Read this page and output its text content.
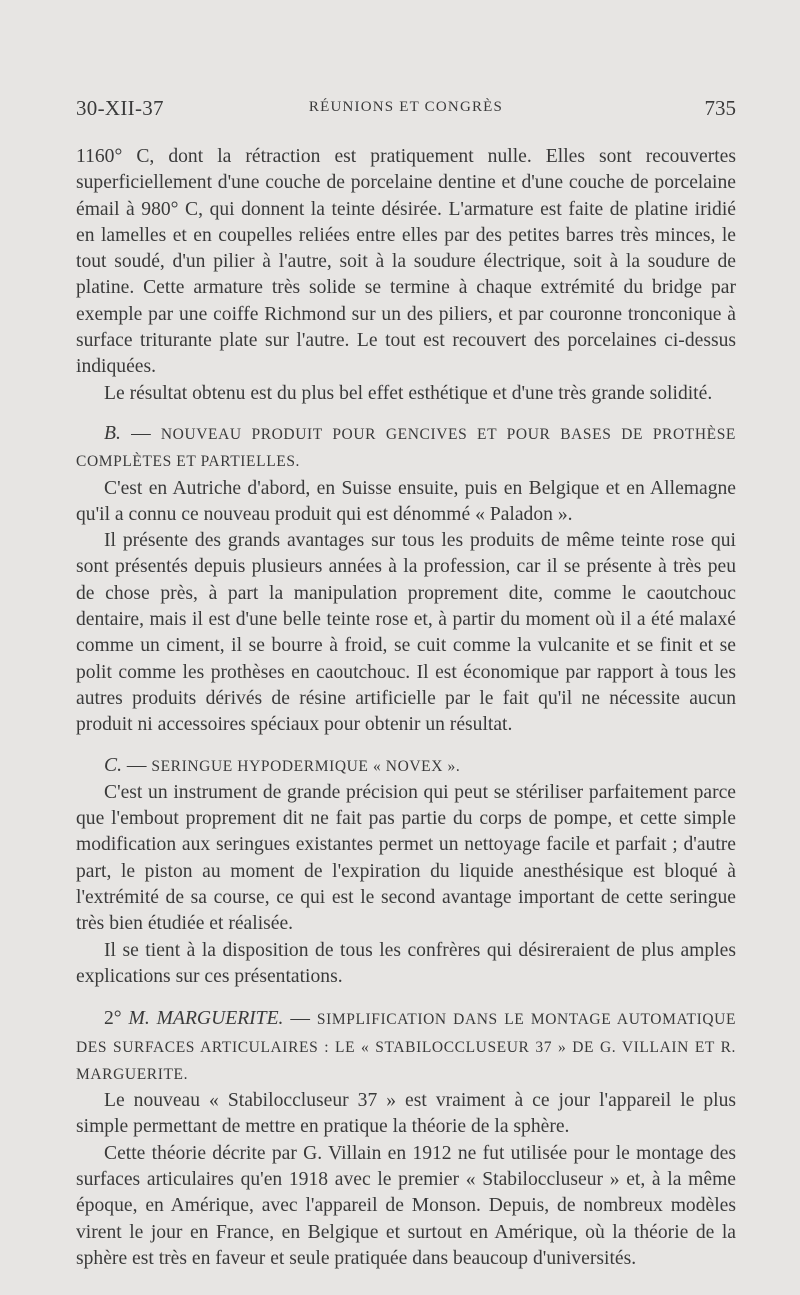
30-XII-37	RÉUNIONS ET CONGRÈS	735

1160° C, dont la rétraction est pratiquement nulle. Elles sont recouvertes superficiellement d'une couche de porcelaine dentine et d'une couche de porcelaine émail à 980° C, qui donnent la teinte désirée. L'armature est faite de platine iridié en lamelles et en coupelles reliées entre elles par des petites barres très minces, le tout soudé, d'un pilier à l'autre, soit à la soudure électrique, soit à la soudure de platine. Cette armature très solide se termine à chaque extrémité du bridge par exemple par une coiffe Richmond sur un des piliers, et par couronne tronconique à surface triturante plate sur l'autre. Le tout est recouvert des porcelaines ci-dessus indiquées.

Le résultat obtenu est du plus bel effet esthétique et d'une très grande solidité.

B. — NOUVEAU PRODUIT POUR GENCIVES ET POUR BASES DE PROTHÈSE COMPLÈTES ET PARTIELLES.

C'est en Autriche d'abord, en Suisse ensuite, puis en Belgique et en Allemagne qu'il a connu ce nouveau produit qui est dénommé « Paladon ».

Il présente des grands avantages sur tous les produits de même teinte rose qui sont présentés depuis plusieurs années à la profession, car il se présente à très peu de chose près, à part la manipulation proprement dite, comme le caoutchouc dentaire, mais il est d'une belle teinte rose et, à partir du moment où il a été malaxé comme un ciment, il se bourre à froid, se cuit comme la vulcanite et se finit et se polit comme les prothèses en caoutchouc. Il est économique par rapport à tous les autres produits dérivés de résine artificielle par le fait qu'il ne nécessite aucun produit ni accessoires spéciaux pour obtenir un résultat.

C. — SERINGUE HYPODERMIQUE « NOVEX ».

C'est un instrument de grande précision qui peut se stériliser parfaitement parce que l'embout proprement dit ne fait pas partie du corps de pompe, et cette simple modification aux seringues existantes permet un nettoyage facile et parfait ; d'autre part, le piston au moment de l'expiration du liquide anesthésique est bloqué à l'extrémité de sa course, ce qui est le second avantage important de cette seringue très bien étudiée et réalisée.

Il se tient à la disposition de tous les confrères qui désireraient de plus amples explications sur ces présentations.

2° M. MARGUERITE. — SIMPLIFICATION DANS LE MONTAGE AUTOMATIQUE DES SURFACES ARTICULAIRES : LE « STABILOCCLUSEUR 37 » DE G. VILLAIN ET R. MARGUERITE.

Le nouveau « Stabiloccluseur 37 » est vraiment à ce jour l'appareil le plus simple permettant de mettre en pratique la théorie de la sphère.

Cette théorie décrite par G. Villain en 1912 ne fut utilisée pour le montage des surfaces articulaires qu'en 1918 avec le premier « Stabiloccluseur » et, à la même époque, en Amérique, avec l'appareil de Monson. Depuis, de nombreux modèles virent le jour en France, en Belgique et surtout en Amérique, où la théorie de la sphère est très en faveur et seule pratiquée dans beaucoup d'universités.
